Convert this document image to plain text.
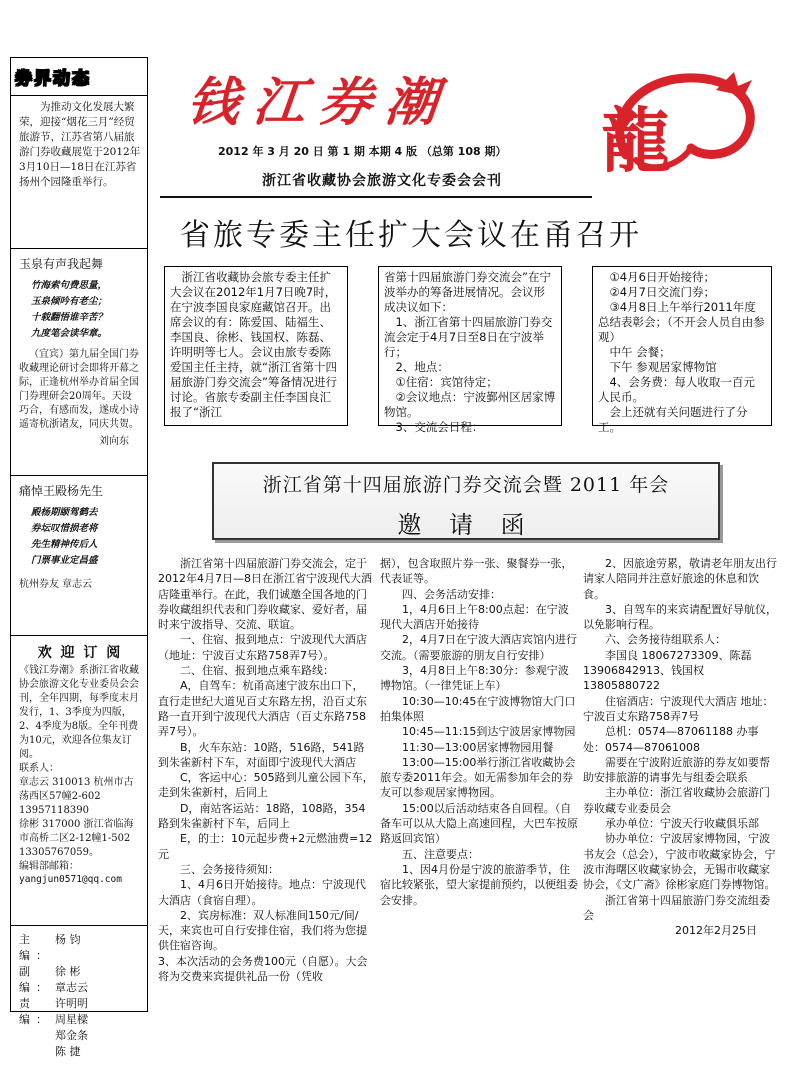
券界动态
为推动文化发展大繁荣，迎接“烟花三月”经贸旅游节，江苏省第八届旅游门券收藏展览于2012年3月10日—18日在江苏省扬州个园隆重举行。
玉泉有声我起舞
竹海索句费思量，
玉泉倾吟有老尘；
十载翻悟谁辛苦？
九度笔会读华章。
（宜宾）第九届全国门券收藏理论研讨会即将开幕之际，正逢杭州举办首届全国门券理研会20周年。天设巧合，有感而发，遂成小诗遥寄杭浙诸友，同庆共贺。
刘向东
痛悼王殿杨先生
殿杨期颐驾鹤去
券坛叹惜损老将
先生精神传后人
门票事业定昌盛
杭州券友 章志云
欢 迎 订 阅
《钱江券潮》系浙江省收藏协会旅游文化专业委员会会刊，全年四期，每季度末月发行，1、3季度为四版，2、4季度为8版。全年刊费为10元，欢迎各位集友订阅。
联系人：
章志云 310013 杭州市古荡西区57幢2-602 13957118390
徐彬 317000 浙江省临海市高桥二区2-12幢1-502 13305767059。
编辑部邮箱：
yangjun0571@qq.com
主 编：
杨 钧
副 编：
徐 彬
章志云
责 编：
许明明
周星樑
郑金条
陈 捷
钱江券潮 龍
2012 年 3 月 20 日 第 1 期 本期 4 版 （总第 108 期）
浙江省收藏协会旅游文化专委会会刊
省旅专委主任扩大会议在甬召开

浙江省收藏协会旅专委主任扩大会议在2012年1月7日晚7时，在宁波李国良家庭藏馆召开。出席会议的有：陈爱国、陆福生、李国良、徐彬、钱国权、陈磊、许明明等七人。会议由旅专委陈爱国主任主持，就“浙江省第十四届旅游门券交流会”筹备情况进行讨论。省旅专委副主任李国良汇报了“浙江

省第十四届旅游门券交流会”在宁波举办的筹备进展情况。会议形成决议如下：

1、浙江省第十四届旅游门券交流会定于4月7日至8日在宁波举行；

2、地点：

①住宿：宾馆待定；

②会议地点：宁波鄞州区居家博物馆。

3、交流会日程：

①4月6日开始接待；

②4月7日交流门券；

③4月8日上午举行2011年度总结表彰会；（不开会人员自由参观）

中午 会餐；

下午 参观居家博物馆

4、会务费：每人收取一百元人民币。

会上还就有关问题进行了分工。

浙江省第十四届旅游门券交流会暨 2011 年会
邀 请 函

浙江省第十四届旅游门券交流会，定于2012年4月7日—8日在浙江省宁波现代大酒店隆重举行。在此，我们诚邀全国各地的门券收藏组织代表和门券收藏家、爱好者，届时来宁波指导、交流、联谊。

一、住宿、报到地点：宁波现代大酒店（地址：宁波百丈东路758弄7号）。

二、住宿、报到地点乘车路线：

A，自驾车：杭甬高速宁波东出口下，直行走世纪大道见百丈东路左拐，沿百丈东路一直开到宁波现代大酒店（百丈东路758弄7号）。

B，火车东站：10路，516路，541路到朱雀新村下车，对面即宁波现代大酒店

C，客运中心：505路到儿童公园下车，走到朱雀新村，后同上

D，南站客运站：18路，108路，354路到朱雀新村下车，后同上

E，的士：10元起步费+2元燃油费=12元

三、会务接待须知：

1、4月6日开始接待。地点：宁波现代大酒店（食宿自理）。

2、宾房标准：双人标准间150元/间/天，来宾也可自行安排住宿，我们将为您提供住宿咨询。

3、本次活动的会务费100元（自愿）。大会将为交费来宾提供礼品一份（凭收

据），包含取照片券一张、聚餐券一张，代表证等。

四、会务活动安排：

1，4月6日上午8:00点起：在宁波现代大酒店开始接待

2，4月7日在宁波大酒店宾馆内进行交流。（需要旅游的朋友自行安排）

3，4月8日上午8:30分：参观宁波博物馆。（一律凭证上车）

10:30—10:45在宁波博物馆大门口拍集体照

10:45—11:15到达宁波居家博物园

11:30—13:00居家博物园用餐

13:00—15:00举行浙江省收藏协会旅专委2011年会。如无需参加年会的券友可以参观居家博物园。

15:00以后活动结束各自回程。（自备车可以从大隐上高速回程，大巴车按原路返回宾馆）

五、注意要点：

1、因4月份是宁波的旅游季节，住宿比较紧张，望大家提前预约，以便组委会安排。

2、因旅途劳累，敬请老年朋友出行请家人陪同并注意好旅途的休息和饮食。

3、自驾车的来宾请配置好导航仪，以免影响行程。

六、会务接待组联系人：

李国良 18067273309、陈磊 13906842913、钱国权 13805880722

住宿酒店：宁波现代大酒店 地址：宁波百丈东路758弄7号

总机：0574—87061188 办事处：0574—87061008

需要在宁波附近旅游的券友如要帮助安排旅游的请事先与组委会联系

主办单位：浙江省收藏协会旅游门券收藏专业委员会

承办单位：宁波天行收藏俱乐部

协办单位：宁波居家博物园，宁波书友会（总会），宁波市收藏家协会，宁波市海曙区收藏家协会，无锡市收藏家协会，《文广斋》徐彬家庭门券博物馆。

浙江省第十四届旅游门券交流组委会

2012年2月25日
